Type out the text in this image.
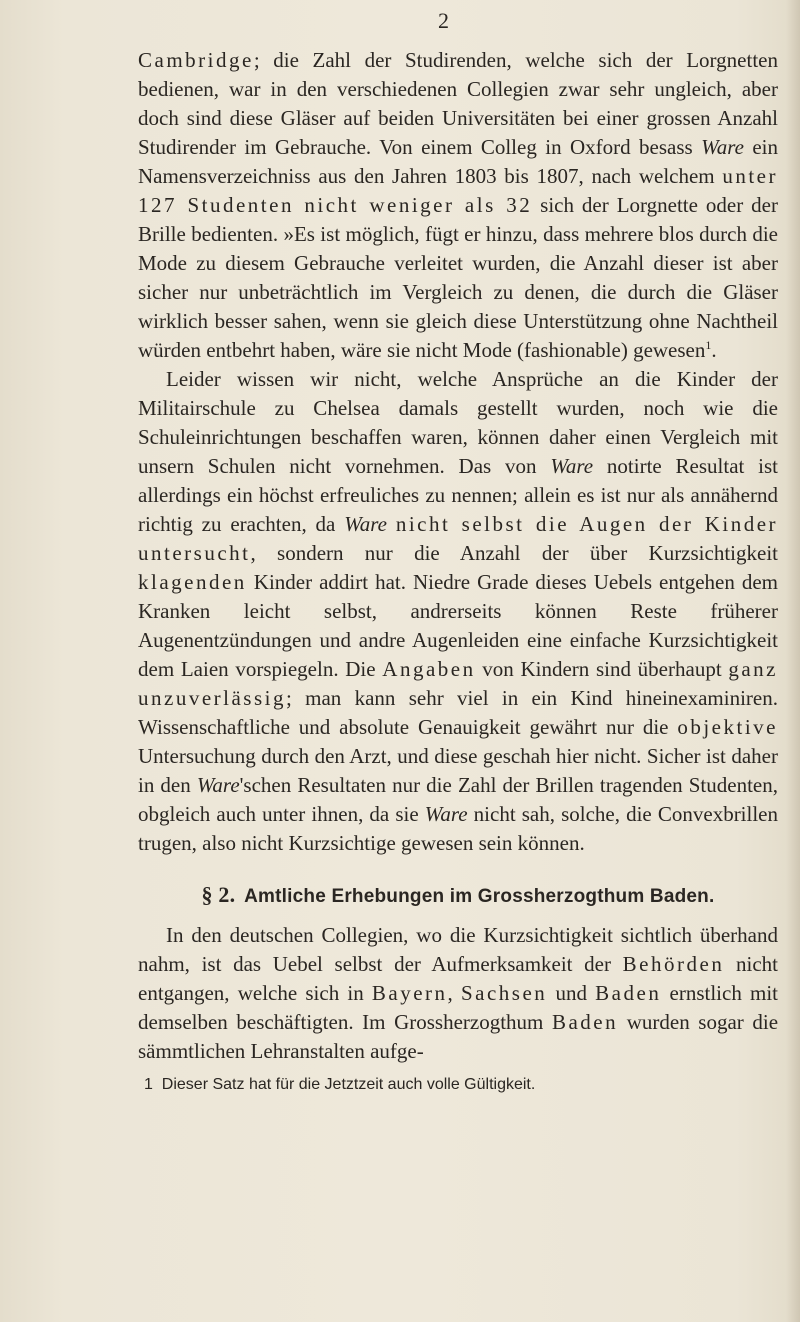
2

Cambridge; die Zahl der Studirenden, welche sich der Lorgnetten bedienen, war in den verschiedenen Collegien zwar sehr ungleich, aber doch sind diese Gläser auf beiden Universitäten bei einer grossen Anzahl Studirender im Gebrauche. Von einem Colleg in Oxford besass Ware ein Namensverzeichniss aus den Jahren 1803 bis 1807, nach welchem unter 127 Studenten nicht weniger als 32 sich der Lorgnette oder der Brille bedienten. »Es ist möglich, fügt er hinzu, dass mehrere blos durch die Mode zu diesem Gebrauche verleitet wurden, die Anzahl dieser ist aber sicher nur unbeträchtlich im Vergleich zu denen, die durch die Gläser wirklich besser sahen, wenn sie gleich diese Unterstützung ohne Nachtheil würden entbehrt haben, wäre sie nicht Mode (fashionable) gewesen$^1$.

Leider wissen wir nicht, welche Ansprüche an die Kinder der Militairschule zu Chelsea damals gestellt wurden, noch wie die Schuleinrichtungen beschaffen waren, können daher einen Vergleich mit unsern Schulen nicht vornehmen. Das von Ware notirte Resultat ist allerdings ein höchst erfreuliches zu nennen; allein es ist nur als annähernd richtig zu erachten, da Ware nicht selbst die Augen der Kinder untersucht, sondern nur die Anzahl der über Kurzsichtigkeit klagenden Kinder addirt hat. Niedre Grade dieses Uebels entgehen dem Kranken leicht selbst, andrerseits können Reste früherer Augenentzündungen und andre Augenleiden eine einfache Kurzsichtigkeit dem Laien vorspiegeln. Die Angaben von Kindern sind überhaupt ganz unzuverlässig; man kann sehr viel in ein Kind hineinexaminiren. Wissenschaftliche und absolute Genauigkeit gewährt nur die objektive Untersuchung durch den Arzt, und diese geschah hier nicht. Sicher ist daher in den Ware'schen Resultaten nur die Zahl der Brillen tragenden Studenten, obgleich auch unter ihnen, da sie Ware nicht sah, solche, die Convexbrillen trugen, also nicht Kurzsichtige gewesen sein können.

§ 2. Amtliche Erhebungen im Grossherzogthum Baden.

In den deutschen Collegien, wo die Kurzsichtigkeit sichtlich überhand nahm, ist das Uebel selbst der Aufmerksamkeit der Behörden nicht entgangen, welche sich in Bayern, Sachsen und Baden ernstlich mit demselben beschäftigten. Im Grossherzogthum Baden wurden sogar die sämmtlichen Lehranstalten aufge-

1 Dieser Satz hat für die Jetztzeit auch volle Gültigkeit.
